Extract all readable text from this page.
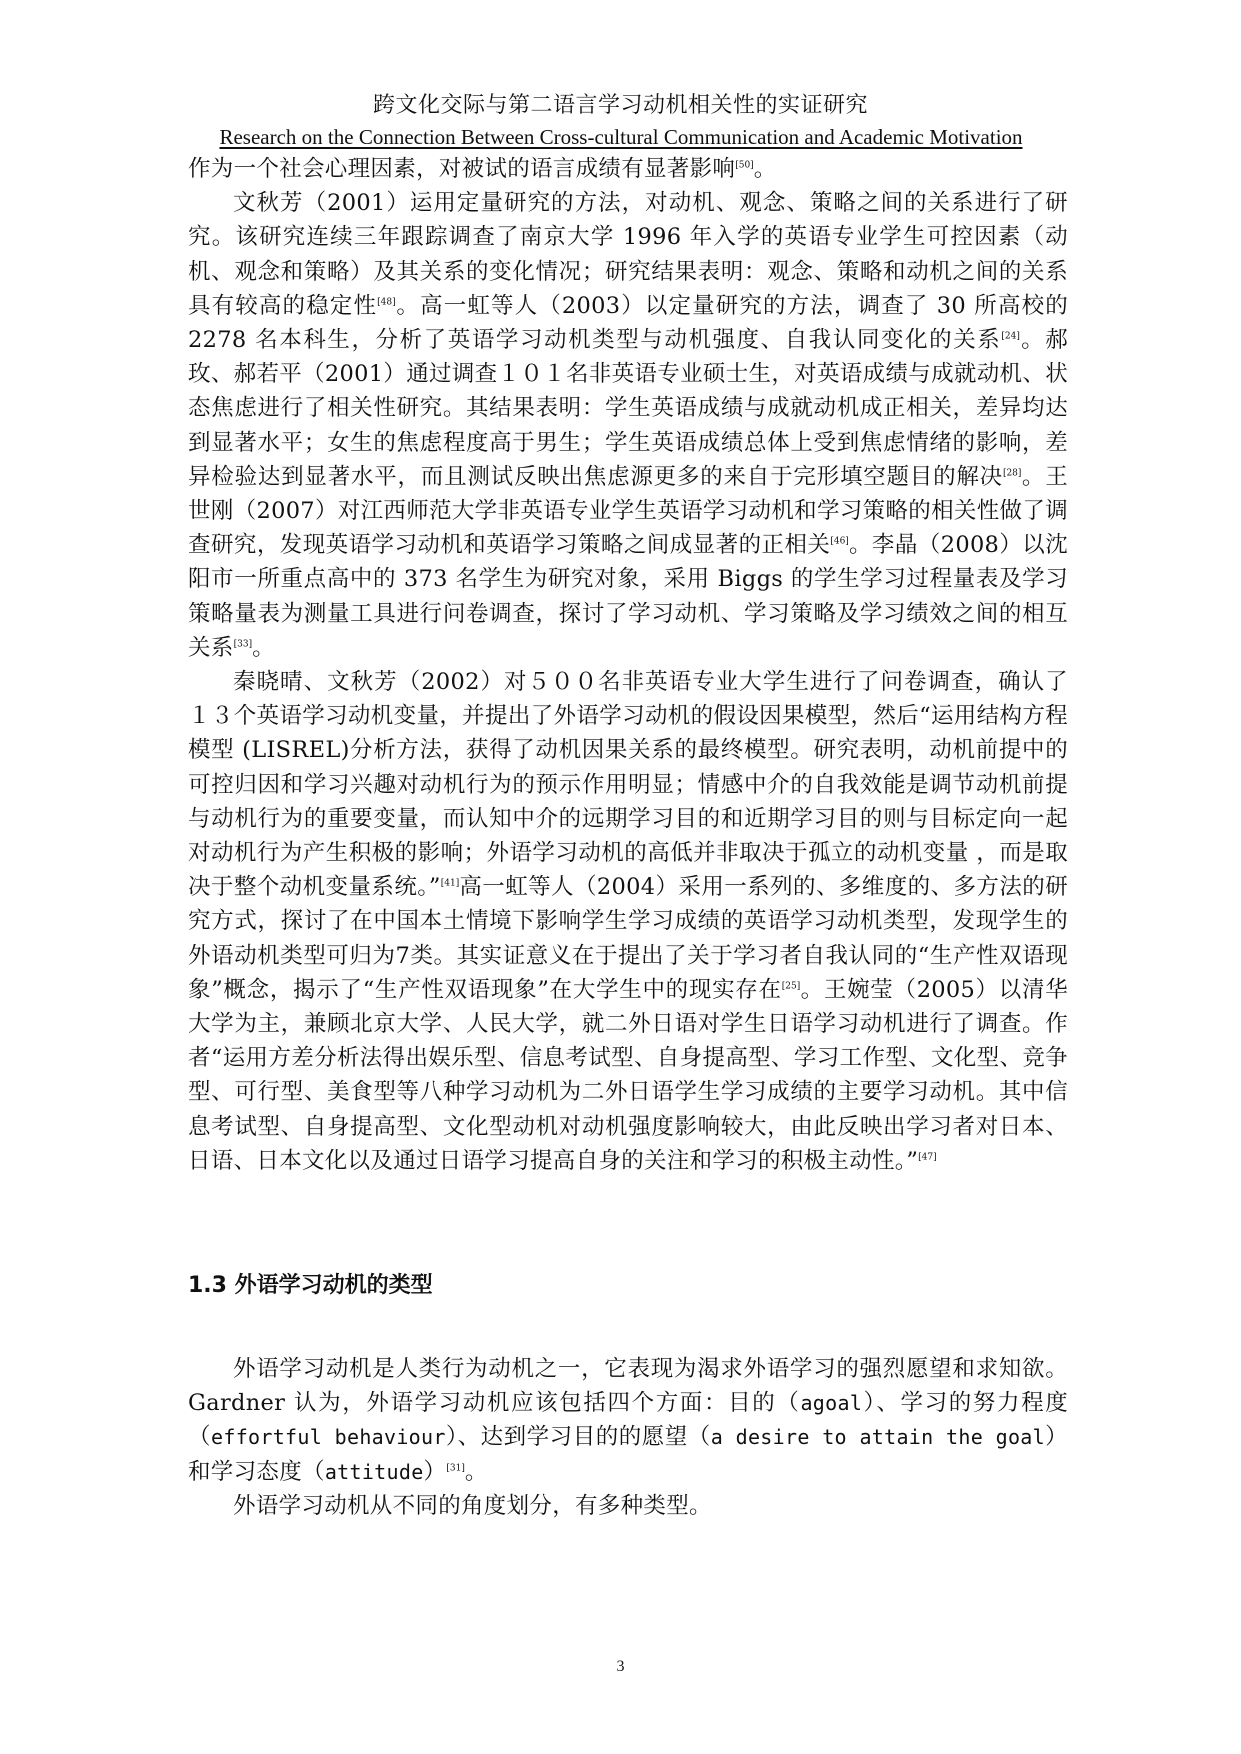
跨文化交际与第二语言学习动机相关性的实证研究
Research on the Connection Between Cross-cultural Communication and Academic Motivation

作为一个社会心理因素，对被试的语言成绩有显著影响[50]。

文秋芳（2001）运用定量研究的方法，对动机、观念、策略之间的关系进行了研究。该研究连续三年跟踪调查了南京大学 1996 年入学的英语专业学生可控因素（动机、观念和策略）及其关系的变化情况；研究结果表明：观念、策略和动机之间的关系具有较高的稳定性[48]。高一虹等人（2003）以定量研究的方法，调查了 30 所高校的 2278 名本科生，分析了英语学习动机类型与动机强度、自我认同变化的关系[24]。郝玫、郝若平（2001）通过调查１０１名非英语专业硕士生，对英语成绩与成就动机、状态焦虑进行了相关性研究。其结果表明：学生英语成绩与成就动机成正相关，差异均达到显著水平；女生的焦虑程度高于男生；学生英语成绩总体上受到焦虑情绪的影响，差异检验达到显著水平，而且测试反映出焦虑源更多的来自于完形填空题目的解决[28]。王世刚（2007）对江西师范大学非英语专业学生英语学习动机和学习策略的相关性做了调查研究，发现英语学习动机和英语学习策略之间成显著的正相关[46]。李晶（2008）以沈阳市一所重点高中的 373 名学生为研究对象，采用 Biggs 的学生学习过程量表及学习策略量表为测量工具进行问卷调查，探讨了学习动机、学习策略及学习绩效之间的相互关系[33]。

秦晓晴、文秋芳（2002）对５００名非英语专业大学生进行了问卷调查，确认了 １３个英语学习动机变量，并提出了外语学习动机的假设因果模型，然后“运用结构方程模型 (LISREL)分析方法，获得了动机因果关系的最终模型。研究表明，动机前提中的可控归因和学习兴趣对动机行为的预示作用明显；情感中介的自我效能是调节动机前提与动机行为的重要变量，而认知中介的远期学习目的和近期学习目的则与目标定向一起对动机行为产生积极的影响；外语学习动机的高低并非取决于孤立的动机变量 ，而是取决于整个动机变量系统。”[41]高一虹等人（2004）采用一系列的、多维度的、多方法的研究方式，探讨了在中国本土情境下影响学生学习成绩的英语学习动机类型，发现学生的外语动机类型可归为7类。其实证意义在于提出了关于学习者自我认同的“生产性双语现象”概念，揭示了“生产性双语现象”在大学生中的现实存在[25]。王婉莹（2005）以清华大学为主，兼顾北京大学、人民大学，就二外日语对学生日语学习动机进行了调查。作者“运用方差分析法得出娱乐型、信息考试型、自身提高型、学习工作型、文化型、竞争型、可行型、美食型等八种学习动机为二外日语学生学习成绩的主要学习动机。其中信息考试型、自身提高型、文化型动机对动机强度影响较大，由此反映出学习者对日本、日语、日本文化以及通过日语学习提高自身的关注和学习的积极主动性。”[47]

1.3 外语学习动机的类型

外语学习动机是人类行为动机之一，它表现为渴求外语学习的强烈愿望和求知欲。Gardner 认为，外语学习动机应该包括四个方面：目的（agoal）、学习的努力程度（effortful behaviour）、达到学习目的的愿望（a desire to attain the goal）和学习态度（attitude）[31]。

外语学习动机从不同的角度划分，有多种类型。

3
